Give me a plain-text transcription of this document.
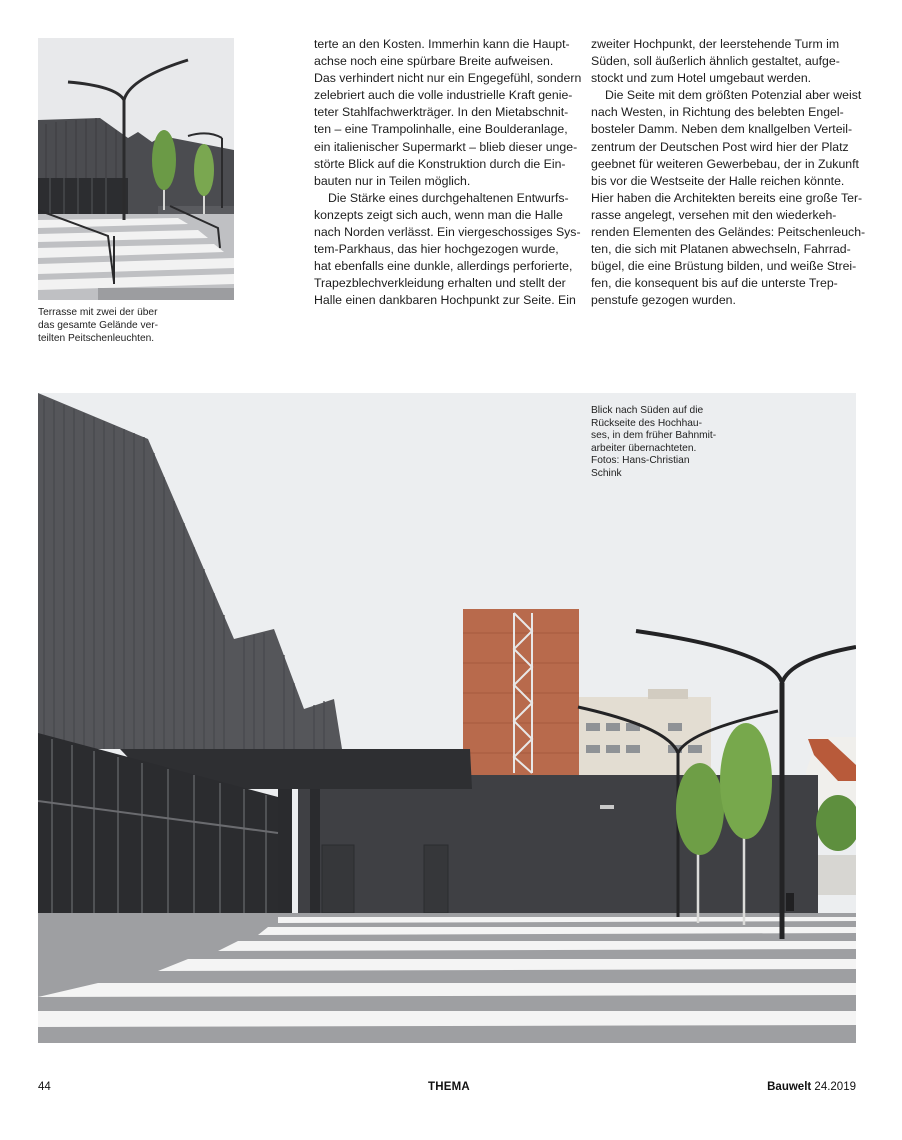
Terrasse mit zwei der über
das gesamte Gelände ver-
teilten Peitschenleuchten.
terte an den Kosten. Immerhin kann die Haupt-
achse noch eine spürbare Breite aufweisen.
Das verhindert nicht nur ein Engegefühl, sondern
zelebriert auch die volle industrielle Kraft genie-
teter Stahlfachwerkträger. In den Mietabschnit-
ten – eine Trampolinhalle, eine Boulderanlage,
ein italienischer Supermarkt – blieb dieser unge-
störte Blick auf die Konstruktion durch die Ein-
bauten nur in Teilen möglich.
Die Stärke eines durchgehaltenen Entwurfs-
konzepts zeigt sich auch, wenn man die Halle
nach Norden verlässt. Ein viergeschossiges Sys-
tem-Parkhaus, das hier hochgezogen wurde,
hat ebenfalls eine dunkle, allerdings perforierte,
Trapezblechverkleidung erhalten und stellt der
Halle einen dankbaren Hochpunkt zur Seite. Ein
zweiter Hochpunkt, der leerstehende Turm im
Süden, soll äußerlich ähnlich gestaltet, aufge-
stockt und zum Hotel umgebaut werden.
Die Seite mit dem größten Potenzial aber weist
nach Westen, in Richtung des belebten Engel-
bosteler Damm. Neben dem knallgelben Verteil-
zentrum der Deutschen Post wird hier der Platz
geebnet für weiteren Gewerbebau, der in Zukunft
bis vor die Westseite der Halle reichen könnte.
Hier haben die Architekten bereits eine große Ter-
rasse angelegt, versehen mit den wiederkeh-
renden Elementen des Geländes: Peitschenleuch-
ten, die sich mit Platanen abwechseln, Fahrrad-
bügel, die eine Brüstung bilden, und weiße Strei-
fen, die konsequent bis auf die unterste Trep-
penstufe gezogen wurden.
Blick nach Süden auf die
Rückseite des Hochhau-
ses, in dem früher Bahnmit-
arbeiter übernachteten.
Fotos: Hans-Christian
Schink
44	THEMA	Bauwelt 24.2019
